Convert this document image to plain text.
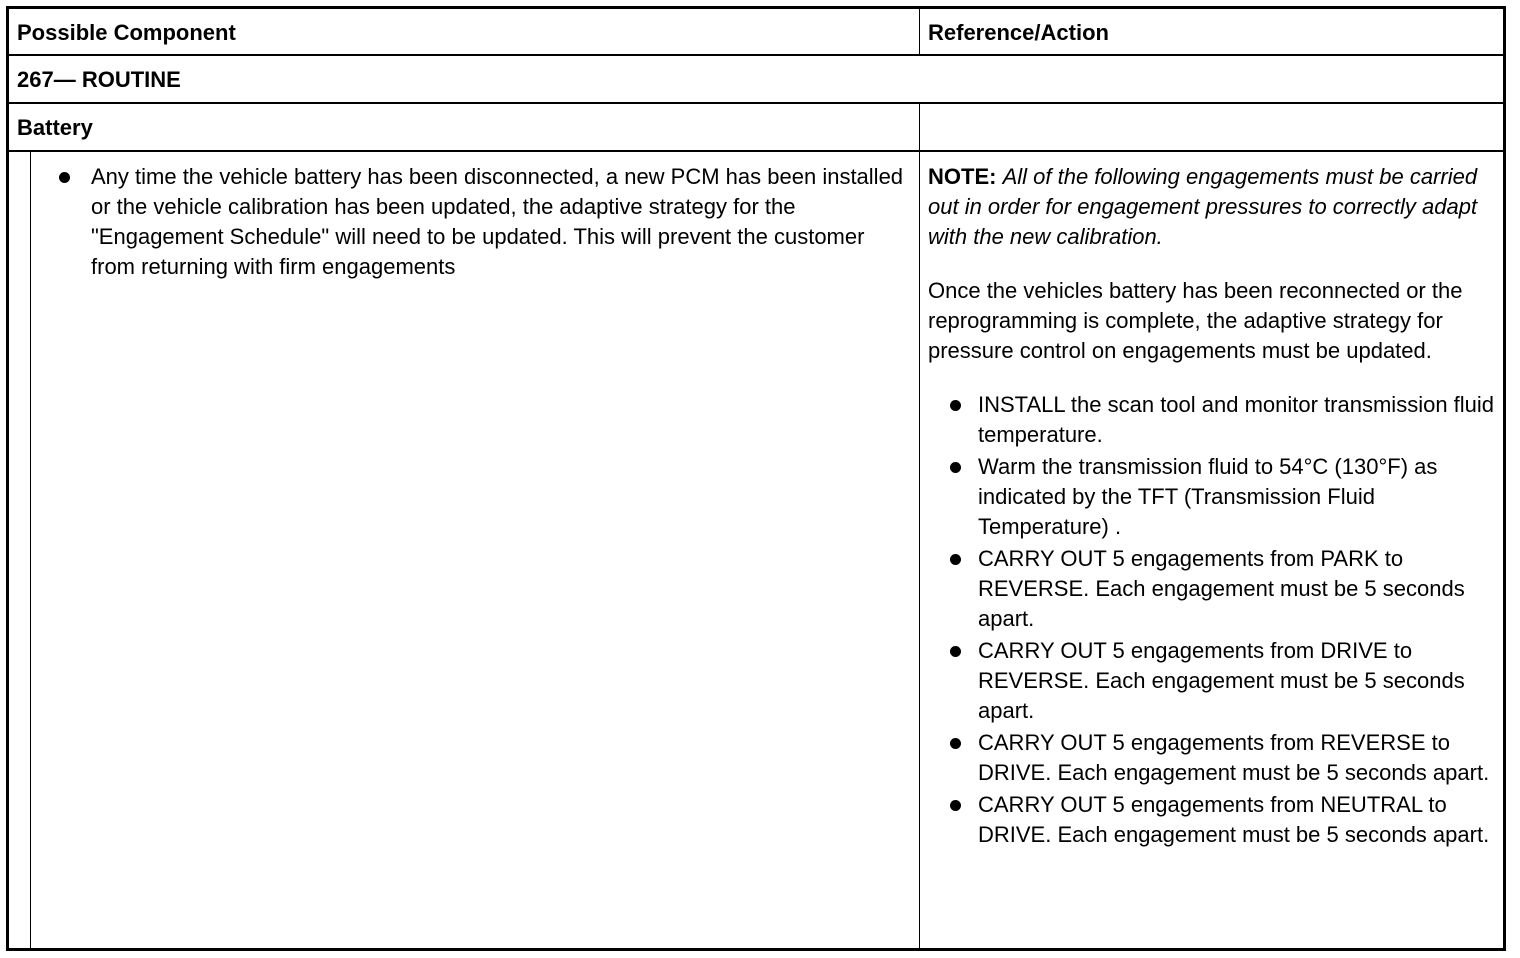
Possible Component	Reference/Action
267— ROUTINE
Battery
Any time the vehicle battery has been disconnected, a new PCM has been installed or the vehicle calibration has been updated, the adaptive strategy for the "Engagement Schedule" will need to be updated. This will prevent the customer from returning with firm engagements
NOTE: All of the following engagements must be carried out in order for engagement pressures to correctly adapt with the new calibration.
Once the vehicles battery has been reconnected or the reprogramming is complete, the adaptive strategy for pressure control on engagements must be updated.
INSTALL the scan tool and monitor transmission fluid temperature.
Warm the transmission fluid to 54°C (130°F) as indicated by the TFT (Transmission Fluid Temperature) .
CARRY OUT 5 engagements from PARK to REVERSE. Each engagement must be 5 seconds apart.
CARRY OUT 5 engagements from DRIVE to REVERSE. Each engagement must be 5 seconds apart.
CARRY OUT 5 engagements from REVERSE to DRIVE. Each engagement must be 5 seconds apart.
CARRY OUT 5 engagements from NEUTRAL to DRIVE. Each engagement must be 5 seconds apart.
